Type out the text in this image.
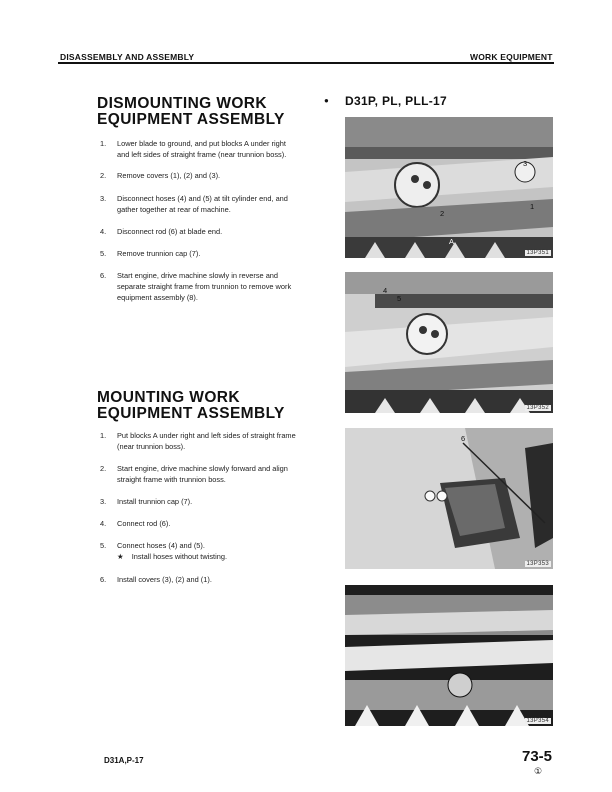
DISASSEMBLY AND ASSEMBLY	WORK EQUIPMENT
DISMOUNTING WORK
EQUIPMENT ASSEMBLY
● D31P, PL, PLL-17
1. Lower blade to ground, and put blocks A under right
and left sides of straight frame (near trunnion boss).
2. Remove covers (1), (2) and (3).
3. Disconnect hoses (4) and (5) at tilt cylinder end, and
gather together at rear of machine.
4. Disconnect rod (6) at blade end.
5. Remove trunnion cap (7).
6. Start engine, drive machine slowly in reverse and
separate straight frame from trunnion to remove work
equipment assembly (8).
MOUNTING WORK
EQUIPMENT ASSEMBLY
1. Put blocks A under right and left sides of straight frame
(near trunnion boss).
2. Start engine, drive machine slowly forward and align
straight frame with trunnion boss.
3. Install trunnion cap (7).
4. Connect rod (6).
5. Connect hoses (4) and (5).
★ Install hoses without twisting.
6. Install covers (3), (2) and (1).
3
2
1
A
13P351
4
5
13P352
6
13P353
13P354
D31A,P-17	73-5
①
